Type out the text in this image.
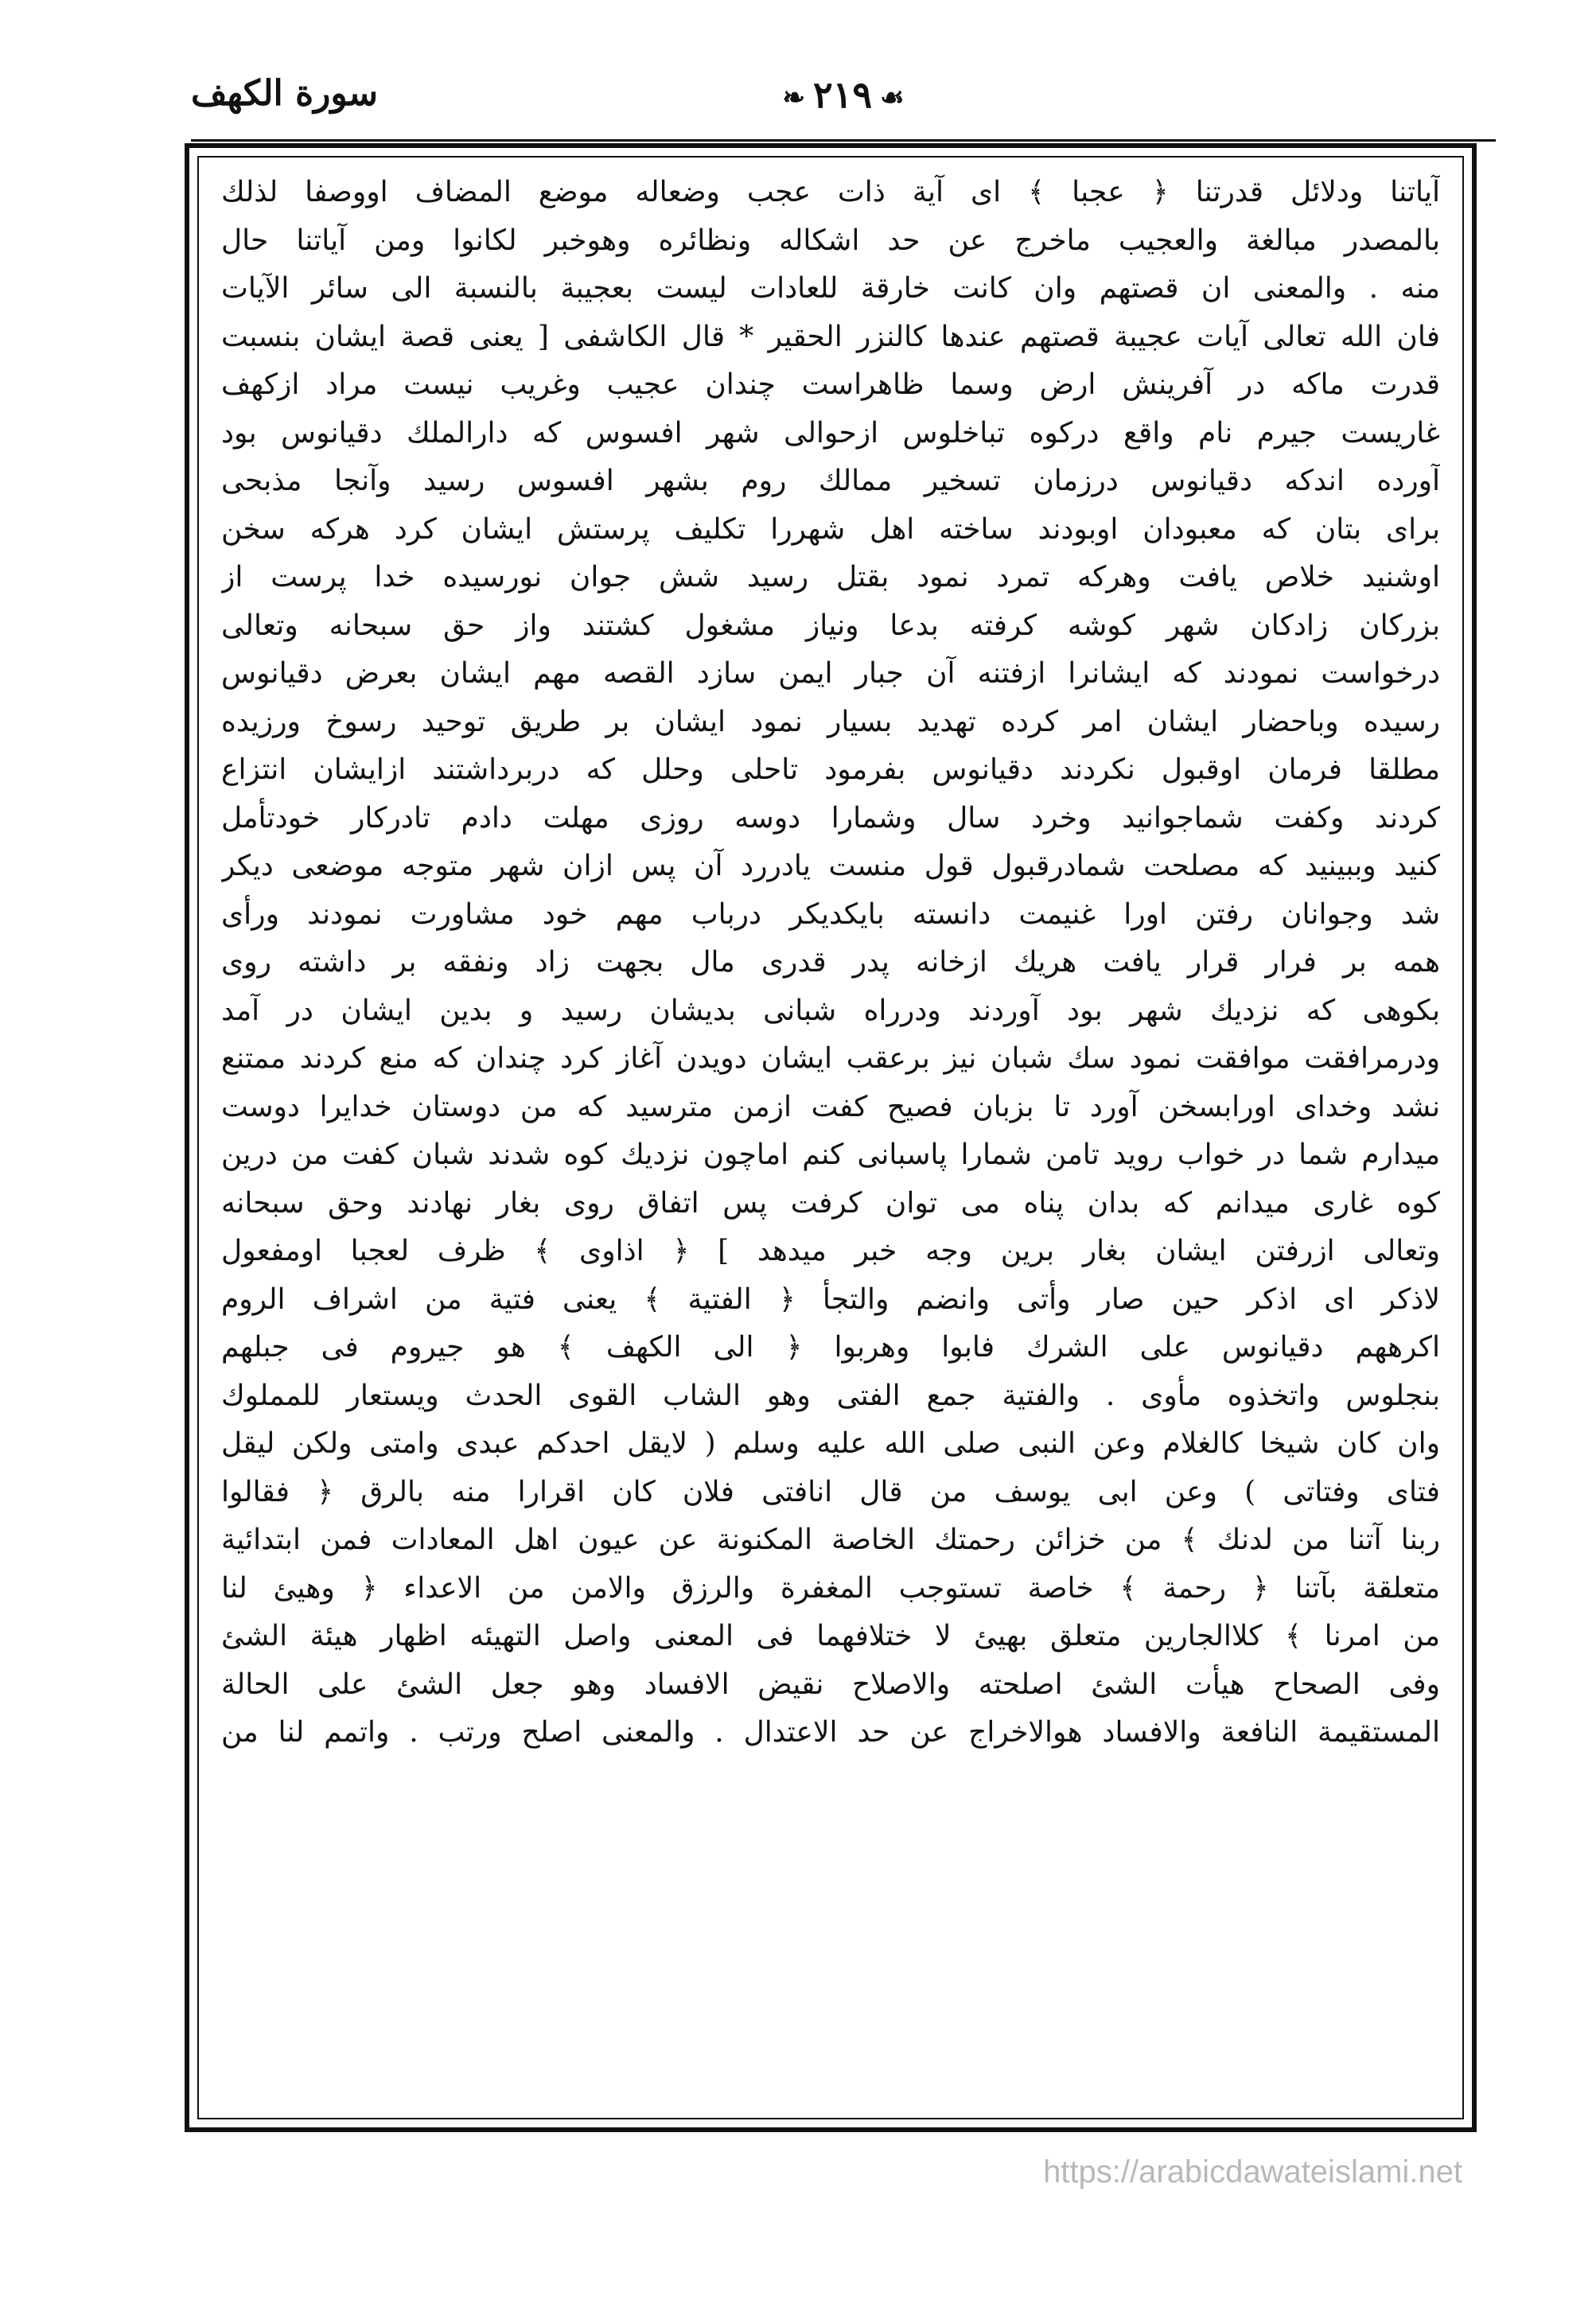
سورة الكهف	❧ ٢١٩ ☙
آياتنا ودلائل قدرتنا ﴿ عجبا ﴾ اى آية ذات عجب وضعاله موضع المضاف اووصفا لذلك
بالمصدر مبالغة والعجيب ماخرج عن حد اشكاله ونظائره وهوخبر لكانوا ومن آياتنا حال
منه . والمعنى ان قصتهم وان كانت خارقة للعادات ليست بعجيبة بالنسبة الى سائر الآيات
فان الله تعالى آيات عجيبة قصتهم عندها كالنزر الحقير * قال الكاشفى [ يعنى قصة ايشان بنسبت
قدرت ماكه در آفرينش ارض وسما ظاهراست چندان عجيب وغريب نيست مراد ازكهف
غاريست جيرم نام واقع دركوه تباخلوس ازحوالى شهر افسوس كه دارالملك دقيانوس بود
آورده اندكه دقيانوس درزمان تسخير ممالك روم بشهر افسوس رسيد وآنجا مذبحى
براى بتان كه معبودان اوبودند ساخته اهل شهررا تكليف پرستش ايشان كرد هركه سخن
اوشنيد خلاص يافت وهركه تمرد نمود بقتل رسيد شش جوان نورسيده خدا پرست از
بزركان زادكان شهر كوشه كرفته بدعا ونياز مشغول كشتند واز حق سبحانه وتعالى
درخواست نمودند كه ايشانرا ازفتنه آن جبار ايمن سازد القصه مهم ايشان بعرض دقيانوس
رسيده وباحضار ايشان امر كرده تهديد بسيار نمود ايشان بر طريق توحيد رسوخ ورزيده
مطلقا فرمان اوقبول نكردند دقيانوس بفرمود تاحلى وحلل كه دربرداشتند ازايشان انتزاع
كردند وكفت شماجوانيد وخرد سال وشمارا دوسه روزى مهلت دادم تادركار خودتأمل
كنيد وببينيد كه مصلحت شمادرقبول قول منست يادررد آن پس ازان شهر متوجه موضعى ديكر
شد وجوانان رفتن اورا غنيمت دانسته بايكديكر درباب مهم خود مشاورت نمودند ورأى
همه بر فرار قرار يافت هريك ازخانه پدر قدرى مال بجهت زاد ونفقه بر داشته روى
بكوهى كه نزديك شهر بود آوردند ودرراه شبانى بديشان رسيد و بدين ايشان در آمد
ودرمرافقت موافقت نمود سك شبان نيز برعقب ايشان دويدن آغاز كرد چندان كه منع كردند ممتنع
نشد وخداى اورابسخن آورد تا بزبان فصيح كفت ازمن مترسيد كه من دوستان خدايرا دوست
ميدارم شما در خواب رويد تامن شمارا پاسبانى كنم اماچون نزديك كوه شدند شبان كفت من درين
كوه غارى ميدانم كه بدان پناه مى توان كرفت پس اتفاق روى بغار نهادند وحق سبحانه
وتعالى ازرفتن ايشان بغار برين وجه خبر ميدهد ] ﴿ اذاوى ﴾ ظرف لعجبا اومفعول
لاذكر اى اذكر حين صار وأتى وانضم والتجأ ﴿ الفتية ﴾ يعنى فتية من اشراف الروم
اكرههم دقيانوس على الشرك فابوا وهربوا ﴿ الى الكهف ﴾ هو جيروم فى جبلهم
بنجلوس واتخذوه مأوى . والفتية جمع الفتى وهو الشاب القوى الحدث ويستعار للمملوك
وان كان شيخا كالغلام وعن النبى صلى الله عليه وسلم ( لايقل احدكم عبدى وامتى ولكن ليقل
فتاى وفتاتى ) وعن ابى يوسف من قال انافتى فلان كان اقرارا منه بالرق ﴿ فقالوا
ربنا آتنا من لدنك ﴾ من خزائن رحمتك الخاصة المكنونة عن عيون اهل المعادات فمن ابتدائية
متعلقة بآتنا ﴿ رحمة ﴾ خاصة تستوجب المغفرة والرزق والامن من الاعداء ﴿ وهيئ لنا
من امرنا ﴾ كلاالجارين متعلق بهيئ لا ختلافهما فى المعنى واصل التهيئه اظهار هيئة الشئ
وفى الصحاح هيأت الشئ اصلحته والاصلاح نقيض الافساد وهو جعل الشئ على الحالة
المستقيمة النافعة والافساد هوالاخراج عن حد الاعتدال . والمعنى اصلح ورتب . واتمم لنا من
https://arabicdawateislami.net
